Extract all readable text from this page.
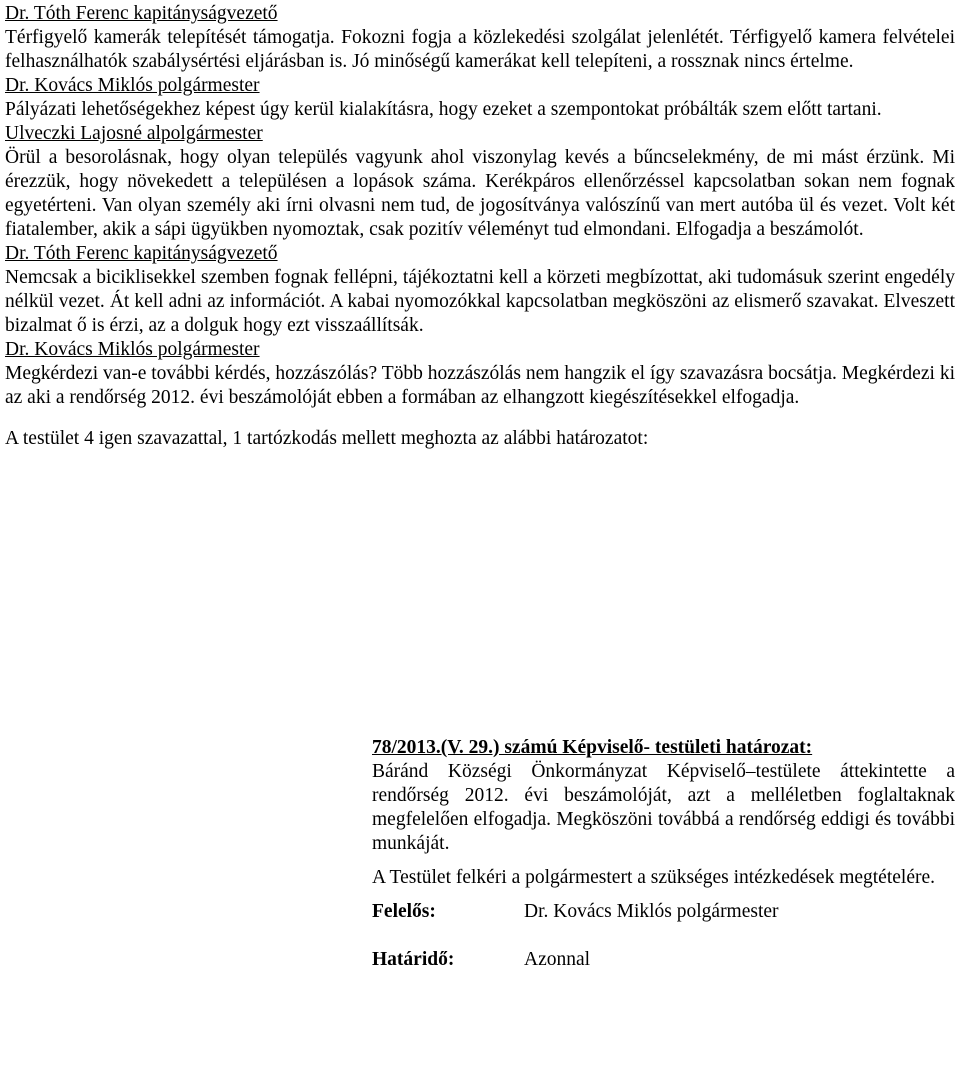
Dr. Tóth Ferenc kapitányságvezető

Térfigyelő kamerák telepítését támogatja. Fokozni fogja a közlekedési szolgálat jelenlétét. Térfigyelő kamera felvételei felhasználhatók szabálysértési eljárásban is. Jó minőségű kamerákat kell telepíteni, a rossznak nincs értelme.

Dr. Kovács Miklós polgármester

Pályázati lehetőségekhez képest úgy kerül kialakításra, hogy ezeket a szempontokat próbálták szem előtt tartani.

Ulveczki Lajosné alpolgármester

Örül a besorolásnak, hogy olyan település vagyunk ahol viszonylag kevés a bűncselekmény, de mi mást érzünk. Mi érezzük, hogy növekedett a településen a lopások száma. Kerékpáros ellenőrzéssel kapcsolatban sokan nem fognak egyetérteni. Van olyan személy aki írni olvasni nem tud, de jogosítványa valószínű van mert autóba ül és vezet. Volt két fiatalember, akik a sápi ügyükben nyomoztak, csak pozitív véleményt tud elmondani. Elfogadja a beszámolót.

Dr. Tóth Ferenc kapitányságvezető

Nemcsak a biciklisekkel szemben fognak fellépni, tájékoztatni kell a körzeti megbízottat, aki tudomásuk szerint engedély nélkül vezet. Át kell adni az információt. A kabai nyomozókkal kapcsolatban megköszöni az elismerő szavakat. Elveszett bizalmat ő is érzi, az a dolguk hogy ezt visszaállítsák.

Dr. Kovács Miklós polgármester

Megkérdezi van-e további kérdés, hozzászólás? Több hozzászólás nem hangzik el így szavazásra bocsátja. Megkérdezi ki az aki a rendőrség 2012. évi beszámolóját ebben a formában az elhangzott kiegészítésekkel elfogadja.

A testület 4 igen szavazattal, 1 tartózkodás mellett meghozta az alábbi határozatot:

78/2013.(V. 29.) számú Képviselő- testületi határozat:

Báránd Községi Önkormányzat Képviselő–testülete áttekintette a rendőrség 2012. évi beszámolóját, azt a melléletben foglaltaknak megfelelően elfogadja. Megköszöni továbbá a rendőrség eddigi és további munkáját.

A Testület felkéri a polgármestert a szükséges intézkedések megtételére.

Felelős:	Dr. Kovács Miklós polgármester
Határidő:	Azonnal
